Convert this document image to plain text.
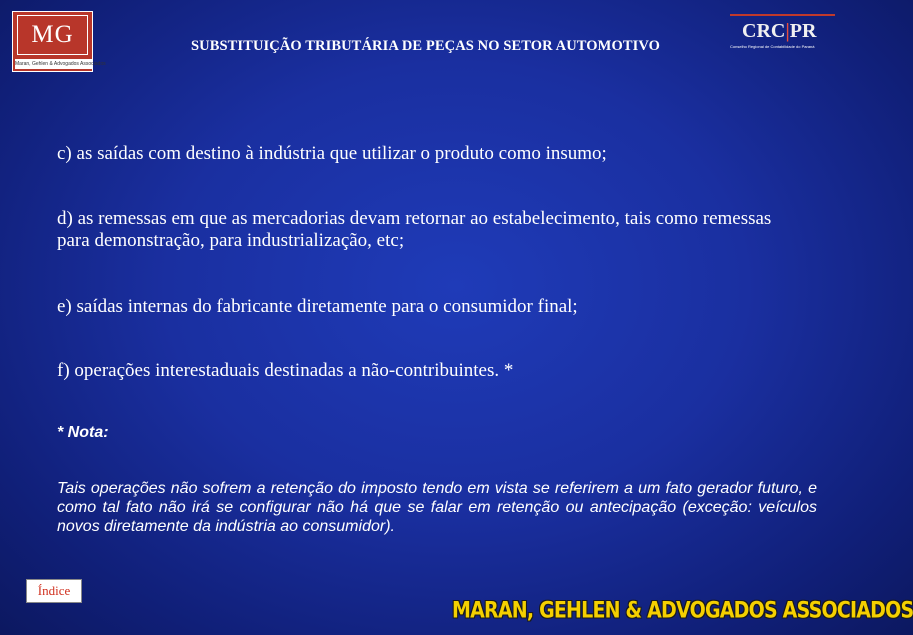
MG
Maran, Gehlen & Advogados Associados
SUBSTITUIÇÃO TRIBUTÁRIA DE PEÇAS NO SETOR AUTOMOTIVO
CRC|PR
Conselho Regional de Contabilidade do Paraná
c) as saídas com destino à indústria que utilizar o produto como insumo;
d) as remessas em que as mercadorias devam retornar ao estabelecimento, tais como remessas para demonstração, para industrialização, etc;
e) saídas internas do fabricante diretamente para o consumidor final;
f) operações interestaduais destinadas a não-contribuintes. *
* Nota:
Tais operações não sofrem a retenção do imposto tendo em vista se referirem a um fato gerador futuro, e como tal fato não irá se configurar não há que se falar em retenção ou antecipação (exceção: veículos novos diretamente da indústria ao consumidor).
Índice
MARAN, GEHLEN & ADVOGADOS ASSOCIADOS
